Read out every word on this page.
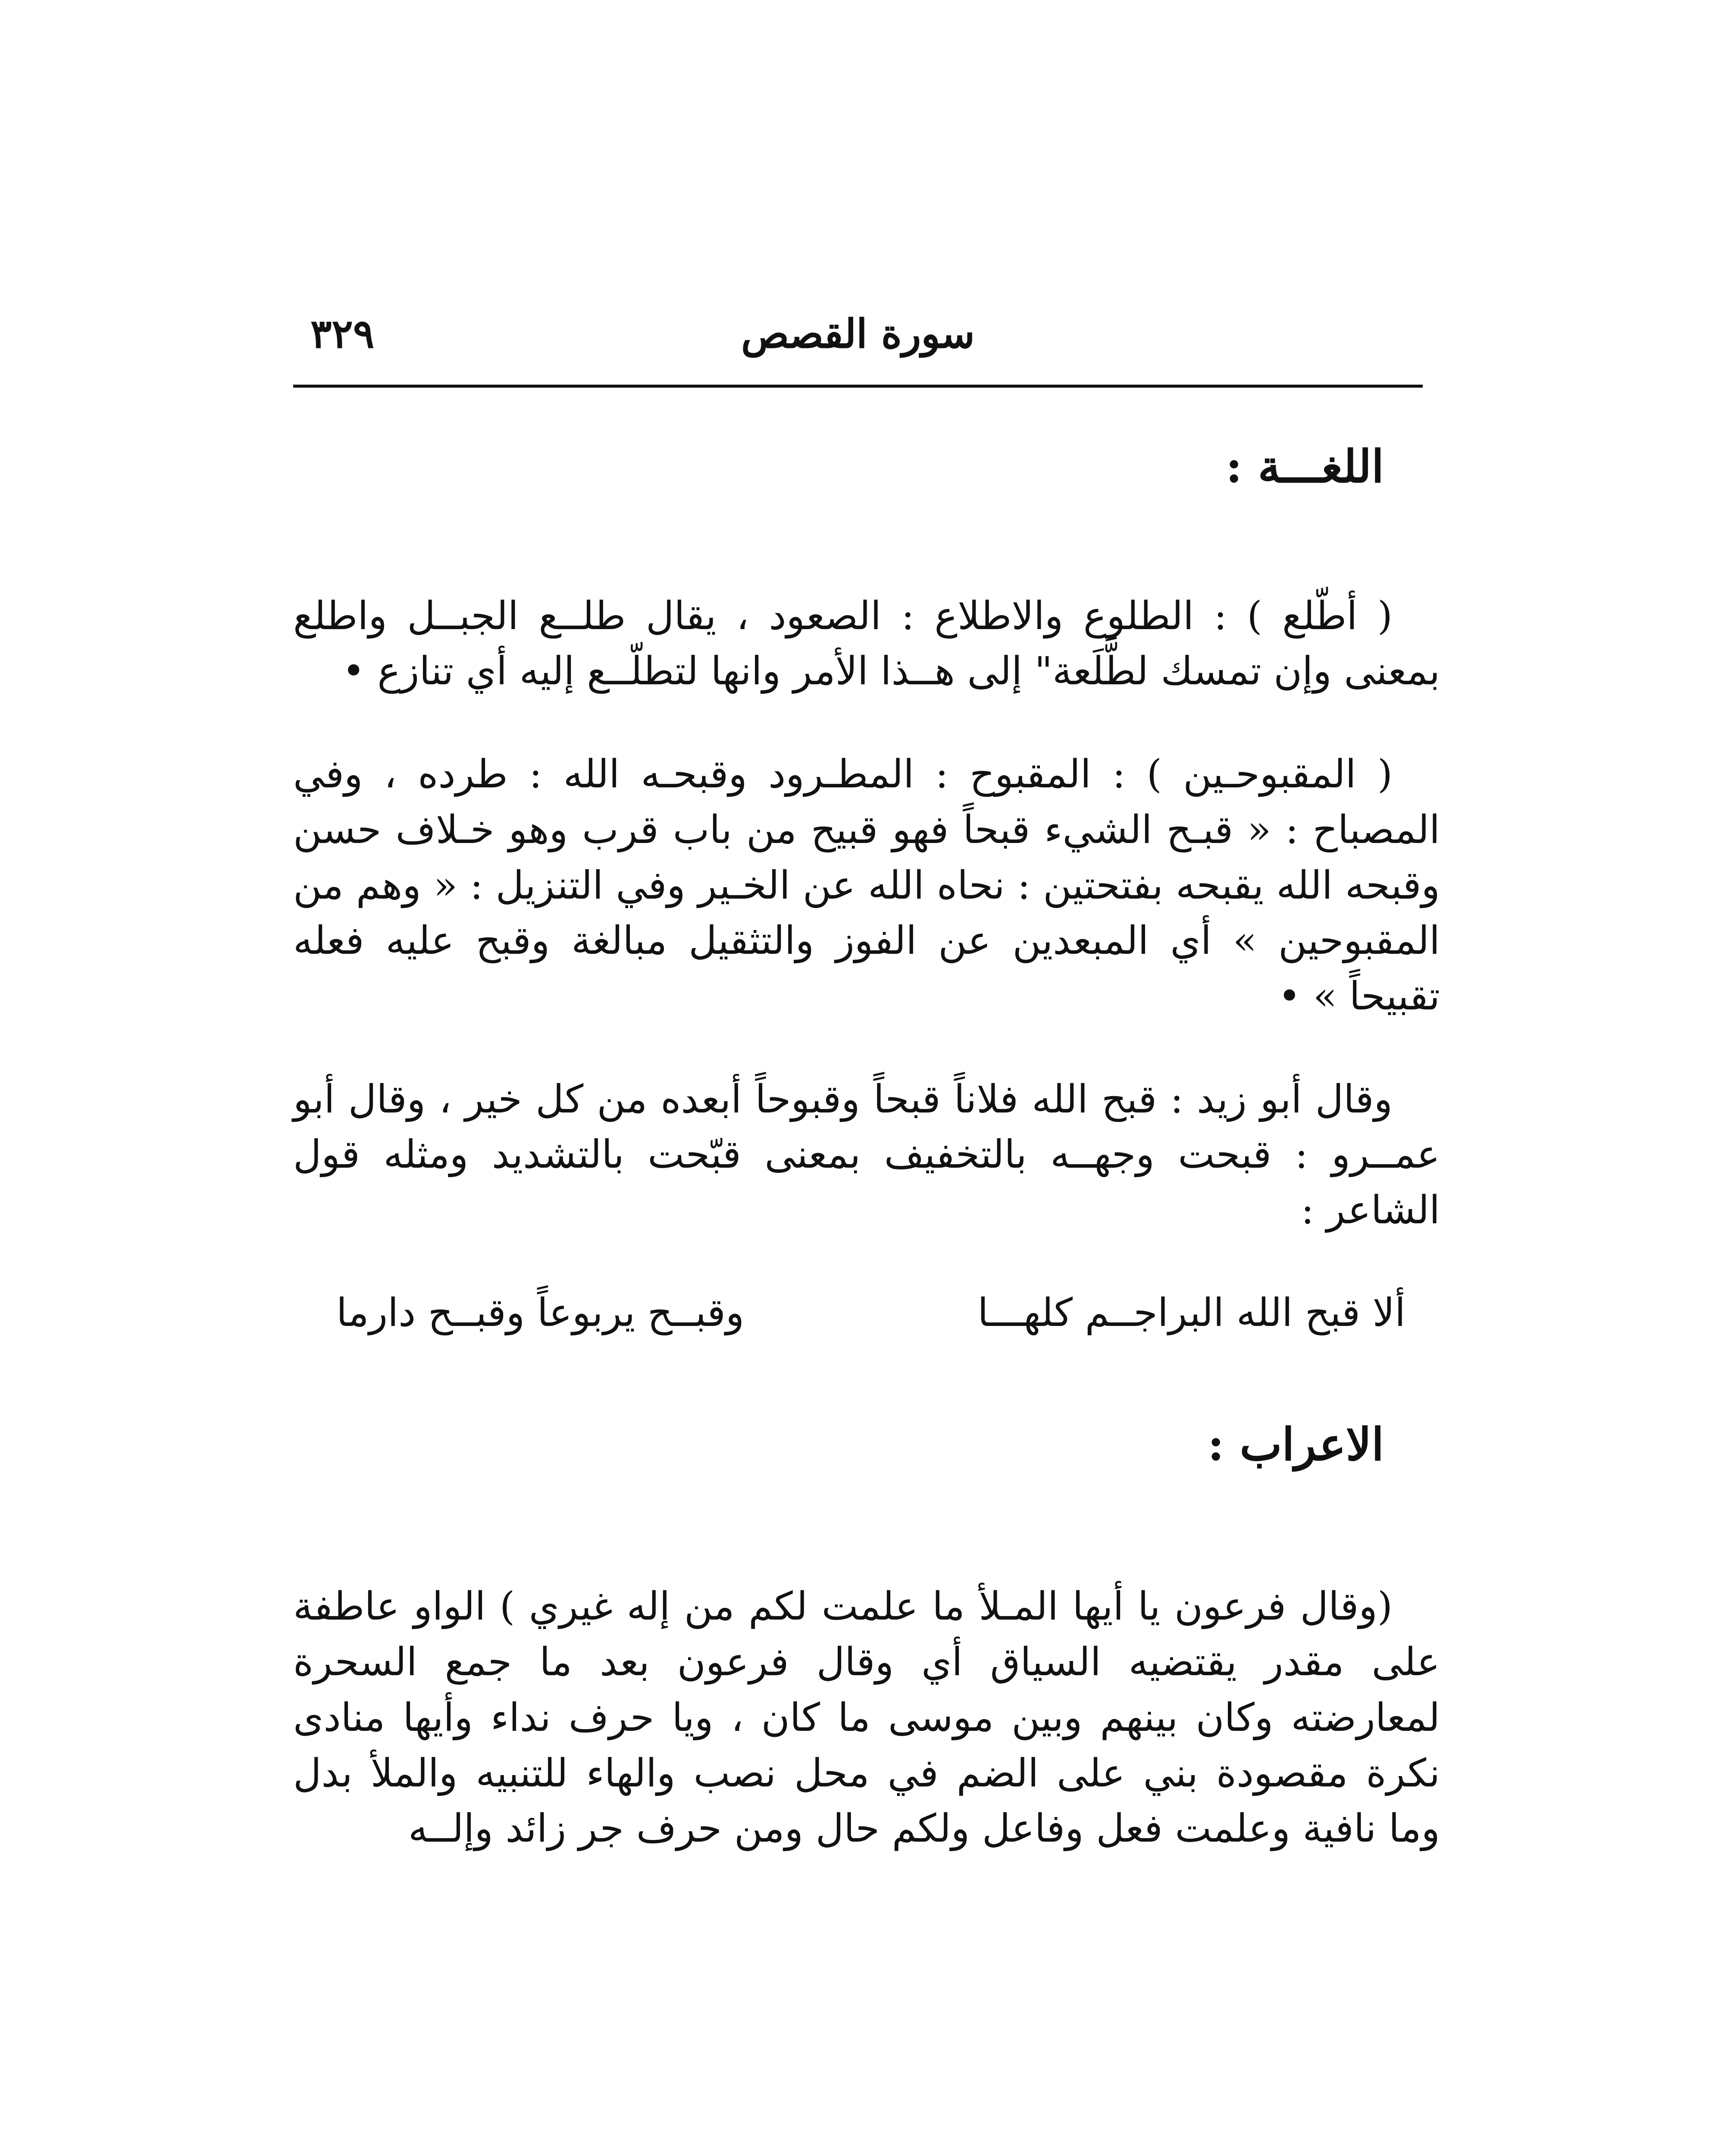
سورة القصص
٣٢٩
اللغـــة :

( أطّلع ) : الطلوع والاطلاع : الصعود ، يقال طلــع الجبــل واطلع بمعنى وإن تمسك لطَّلَعة" إلى هــذا الأمر وانها لتطلّــع إليه أي تنازع •

( المقبوحـين ) : المقبوح : المطـرود وقبحـه الله : طرده ، وفي المصباح : « قبـح الشيء قبحاً فهو قبيح من باب قرب وهو خـلاف حسن وقبحه الله يقبحه بفتحتين : نحاه الله عن الخـير وفي التنزيل : « وهم من المقبوحين » أي المبعدين عن الفوز والتثقيل مبالغة وقبح عليه فعله تقبيحاً » •

وقال أبو زيد : قبح الله فلاناً قبحاً وقبوحاً أبعده من كل خير ، وقال أبو عمــرو : قبحت وجهــه بالتخفيف بمعنى قبّحت بالتشديد ومثله قول الشاعر :

ألا قبح الله البراجــم كلهـــا
وقبــح يربوعاً وقبــح دارما
الاعراب :

(وقال فرعون يا أيها المـلأ ما علمت لكم من إله غيري ) الواو عاطفة على مقدر يقتضيه السياق أي وقال فرعون بعد ما جمع السحرة لمعارضته وكان بينهم وبين موسى ما كان ، ويا حرف نداء وأيها منادى نكرة مقصودة بني على الضم في محل نصب والهاء للتنبيه والملأ بدل وما نافية وعلمت فعل وفاعل ولكم حال ومن حرف جر زائد وإلــه
